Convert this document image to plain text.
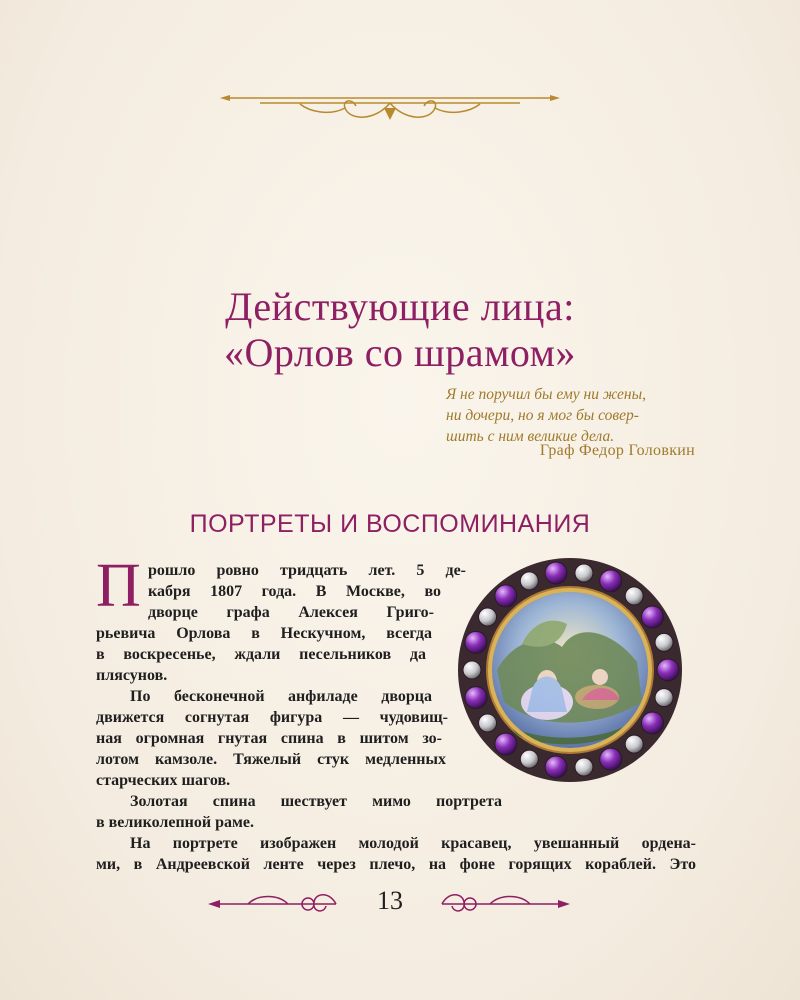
Действующие лица:
«Орлов со шрамом»
Я не поручил бы ему ни жены,
ни дочери, но я мог бы совер-
шить с ним великие дела.
Граф Федор Головкин
ПОРТРЕТЫ И ВОСПОМИНАНИЯ
П рошло ровно тридцать лет. 5 де-
кабря 1807 года. В Москве, во
дворце графа Алексея Григо-
рьевича Орлова в Нескучном, всегда
в воскресенье, ждали песельников да
плясунов.
По бесконечной анфиладе дворца
движется согнутая фигура — чудовищ-
ная огромная гнутая спина в шитом зо-
лотом камзоле. Тяжелый стук медленных
старческих шагов.
Золотая спина шествует мимо портрета
в великолепной раме.
На портрете изображен молодой красавец, увешанный ордена-
ми, в Андреевской ленте через плечо, на фоне горящих кораблей. Это
13
